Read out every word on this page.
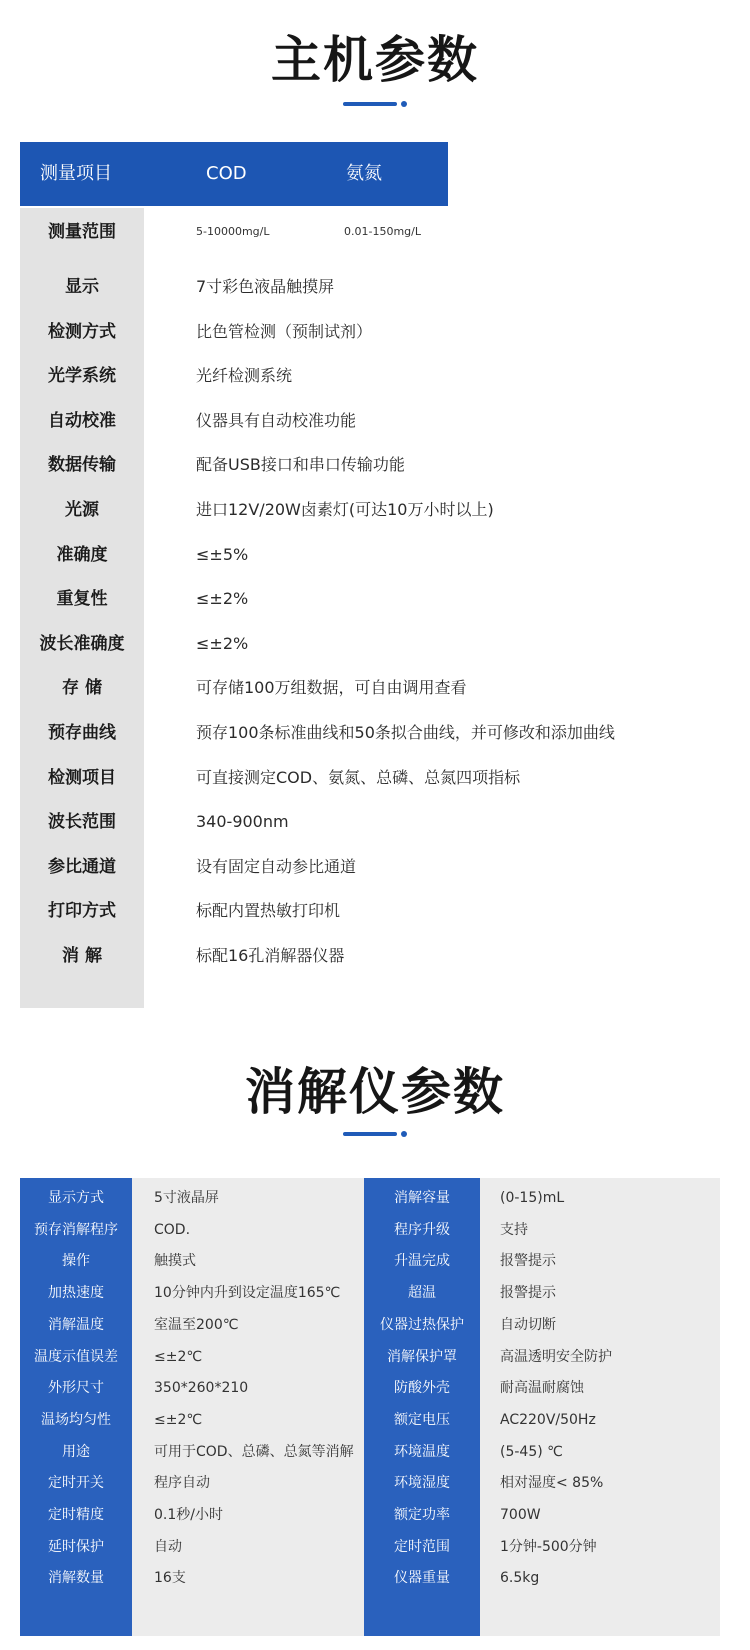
主机参数
测量项目	COD	氨氮
测量范围	5-10000mg/L	0.01-150mg/L
显示	7寸彩色液晶触摸屏
检测方式	比色管检测（预制试剂）
光学系统	光纤检测系统
自动校准	仪器具有自动校准功能
数据传输	配备USB接口和串口传输功能
光源	进口12V/20W卤素灯(可达10万小时以上)
准确度	≤±5%
重复性	≤±2%
波长准确度	≤±2%
存 储	可存储100万组数据，可自由调用查看
预存曲线	预存100条标准曲线和50条拟合曲线，并可修改和添加曲线
检测项目	可直接测定COD、氨氮、总磷、总氮四项指标
波长范围	340-900nm
参比通道	设有固定自动参比通道
打印方式	标配内置热敏打印机
消 解	标配16孔消解器仪器
消解仪参数
显示方式	5寸液晶屏
预存消解程序	COD.
操作	触摸式
加热速度	10分钟内升到设定温度165℃
消解温度	室温至200℃
温度示值误差	≤±2℃
外形尺寸	350*260*210
温场均匀性	≤±2℃
用途	可用于COD、总磷、总氮等消解
定时开关	程序自动
定时精度	0.1秒/小时
延时保护	自动
消解数量	16支
消解容量	(0-15)mL
程序升级	支持
升温完成	报警提示
超温	报警提示
仪器过热保护	自动切断
消解保护罩	高温透明安全防护
防酸外壳	耐高温耐腐蚀
额定电压	AC220V/50Hz
环境温度	(5-45) ℃
环境湿度	相对湿度< 85%
额定功率	700W
定时范围	1分钟-500分钟
仪器重量	6.5kg
